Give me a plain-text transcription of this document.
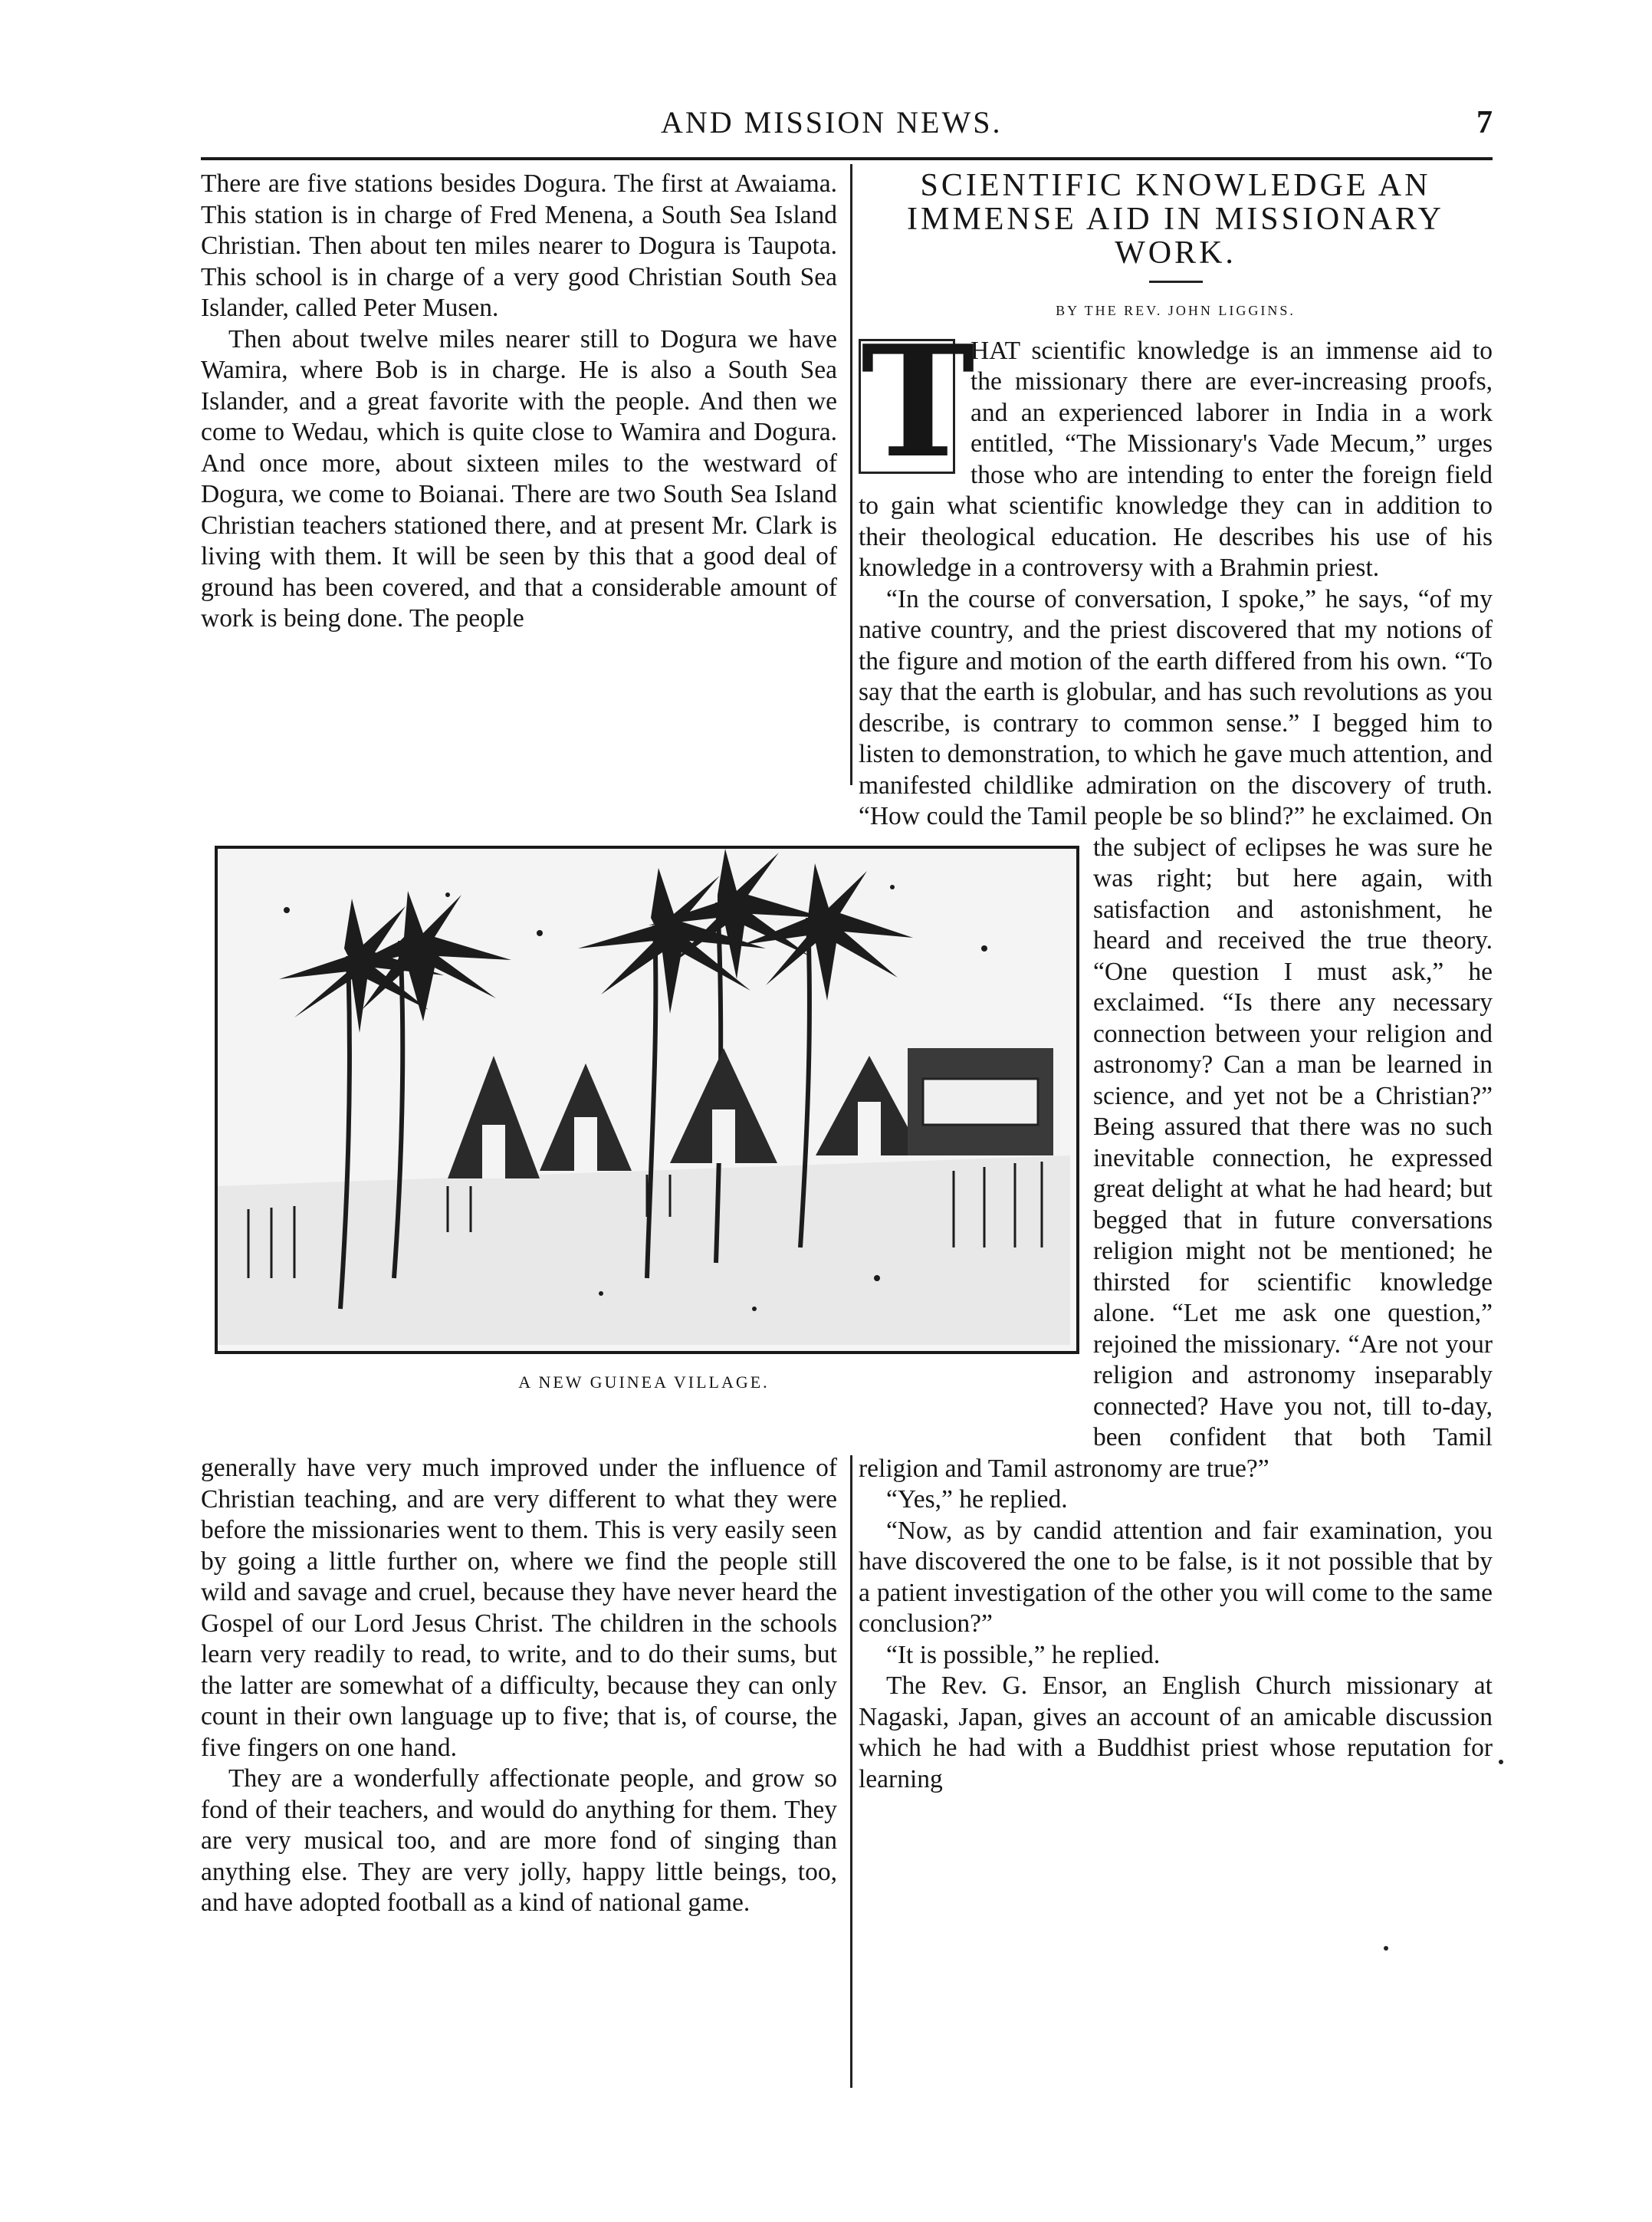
AND MISSION NEWS.	7

There are five stations besides Dogura. The first at Awaiama. This station is in charge of Fred Menena, a South Sea Island Christian. Then about ten miles nearer to Dogura is Taupota. This school is in charge of a very good Christian South Sea Islander, called Peter Musen.

Then about twelve miles nearer still to Dogura we have Wamira, where Bob is in charge. He is also a South Sea Islander, and a great favorite with the people. And then we come to Wedau, which is quite close to Wamira and Dogura. And once more, about sixteen miles to the westward of Dogura, we come to Boianai. There are two South Sea Island Christian teachers stationed there, and at present Mr. Clark is living with them. It will be seen by this that a good deal of ground has been covered, and that a considerable amount of work is being done. The people

A NEW GUINEA VILLAGE.

generally have very much improved under the influence of Christian teaching, and are very different to what they were before the missionaries went to them. This is very easily seen by going a little further on, where we find the people still wild and savage and cruel, because they have never heard the Gospel of our Lord Jesus Christ. The children in the schools learn very readily to read, to write, and to do their sums, but the latter are somewhat of a difficulty, because they can only count in their own language up to five; that is, of course, the five fingers on one hand.

They are a wonderfully affectionate people, and grow so fond of their teachers, and would do anything for them. They are very musical too, and are more fond of singing than anything else. They are very jolly, happy little beings, too, and have adopted football as a kind of national game.

SCIENTIFIC KNOWLEDGE AN IMMENSE AID IN MISSIONARY WORK.
BY THE REV. JOHN LIGGINS.
T

HAT scientific knowledge is an immense aid to the missionary there are ever-increasing proofs, and an experienced laborer in India in a work entitled, “The Missionary's Vade Mecum,” urges those who are intending to enter the foreign field to gain what scientific knowledge they can in addition to their theological education. He describes his use of his knowledge in a controversy with a Brahmin priest.

“In the course of conversation, I spoke,” he says, “of my native country, and the priest discovered that my notions of the figure and motion of the earth differed from his own. “To say that the earth is globular, and has such revolutions as you describe, is contrary to common sense.” I begged him to listen to demonstration, to which he gave much attention, and manifested childlike admiration on the discovery of truth. “How could the Tamil people be so blind?” he exclaimed. On the subject of eclipses he was sure he was right; but here again, with satisfaction and astonishment, he heard and received the true theory. “One question I must ask,” he exclaimed. “Is there any necessary connection between your religion and astronomy? Can a man be learned in science, and yet not be a Christian?” Being assured that there was no such inevitable connection, he expressed great delight at what he had heard; but begged that in future conversations religion might not be mentioned; he thirsted for scientific knowledge alone. “Let me ask one question,” rejoined the missionary. “Are not your religion and astronomy inseparably connected? Have you not, till to-day, been confident that both Tamil religion and Tamil astronomy are true?”

“Yes,” he replied.

“Now, as by candid attention and fair examination, you have discovered the one to be false, is it not possible that by a patient investigation of the other you will come to the same conclusion?”

“It is possible,” he replied.

The Rev. G. Ensor, an English Church missionary at Nagaski, Japan, gives an account of an amicable discussion which he had with a Buddhist priest whose reputation for learning
